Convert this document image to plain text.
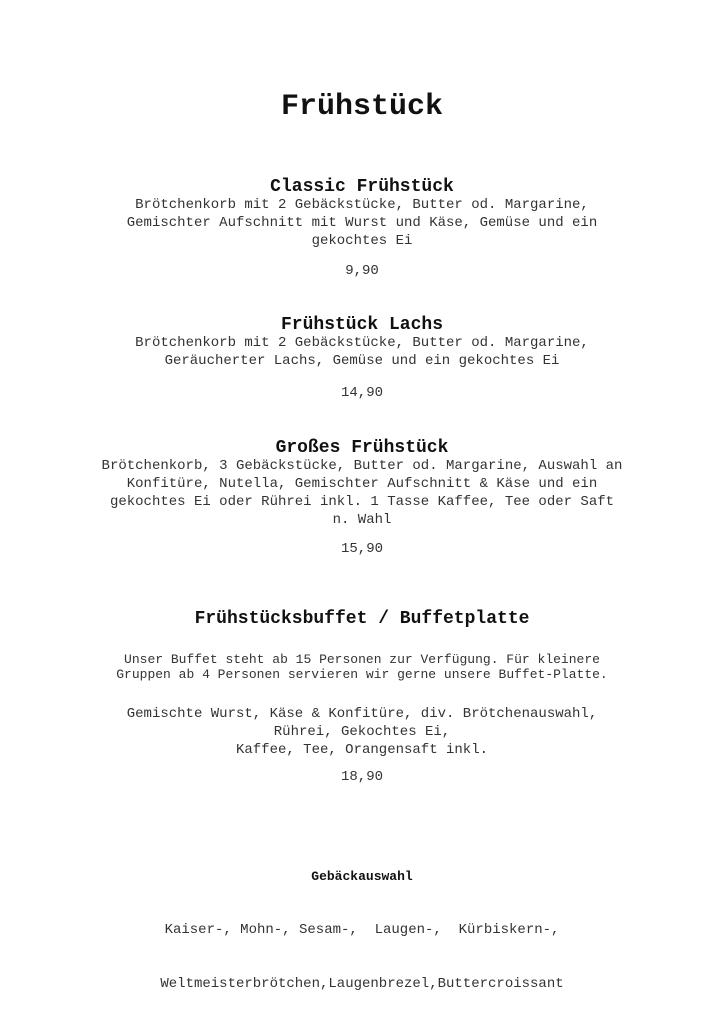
Frühstück
Classic Frühstück
Brötchenkorb mit 2 Gebäckstücke, Butter od. Margarine,
Gemischter Aufschnitt mit Wurst und Käse, Gemüse und ein
gekochtes Ei
9,90
Frühstück Lachs
Brötchenkorb mit 2 Gebäckstücke, Butter od. Margarine,
Geräucherter Lachs, Gemüse und ein gekochtes Ei
14,90
Großes Frühstück
Brötchenkorb, 3 Gebäckstücke, Butter od. Margarine, Auswahl an
Konfitüre, Nutella, Gemischter Aufschnitt & Käse und ein
gekochtes Ei oder Rührei inkl. 1 Tasse Kaffee, Tee oder Saft
n. Wahl
15,90
Frühstücksbuffet / Buffetplatte
Unser Buffet steht ab 15 Personen zur Verfügung. Für kleinere
Gruppen ab 4 Personen servieren wir gerne unsere Buffet-Platte.
Gemischte Wurst, Käse & Konfitüre, div. Brötchenauswahl,
Rührei, Gekochtes Ei,
Kaffee, Tee, Orangensaft inkl.
18,90
Gebäckauswahl

Kaiser-, Mohn-, Sesam-,  Laugen-,  Kürbiskern-,

Weltmeisterbrötchen,Laugenbrezel,Buttercroissant
